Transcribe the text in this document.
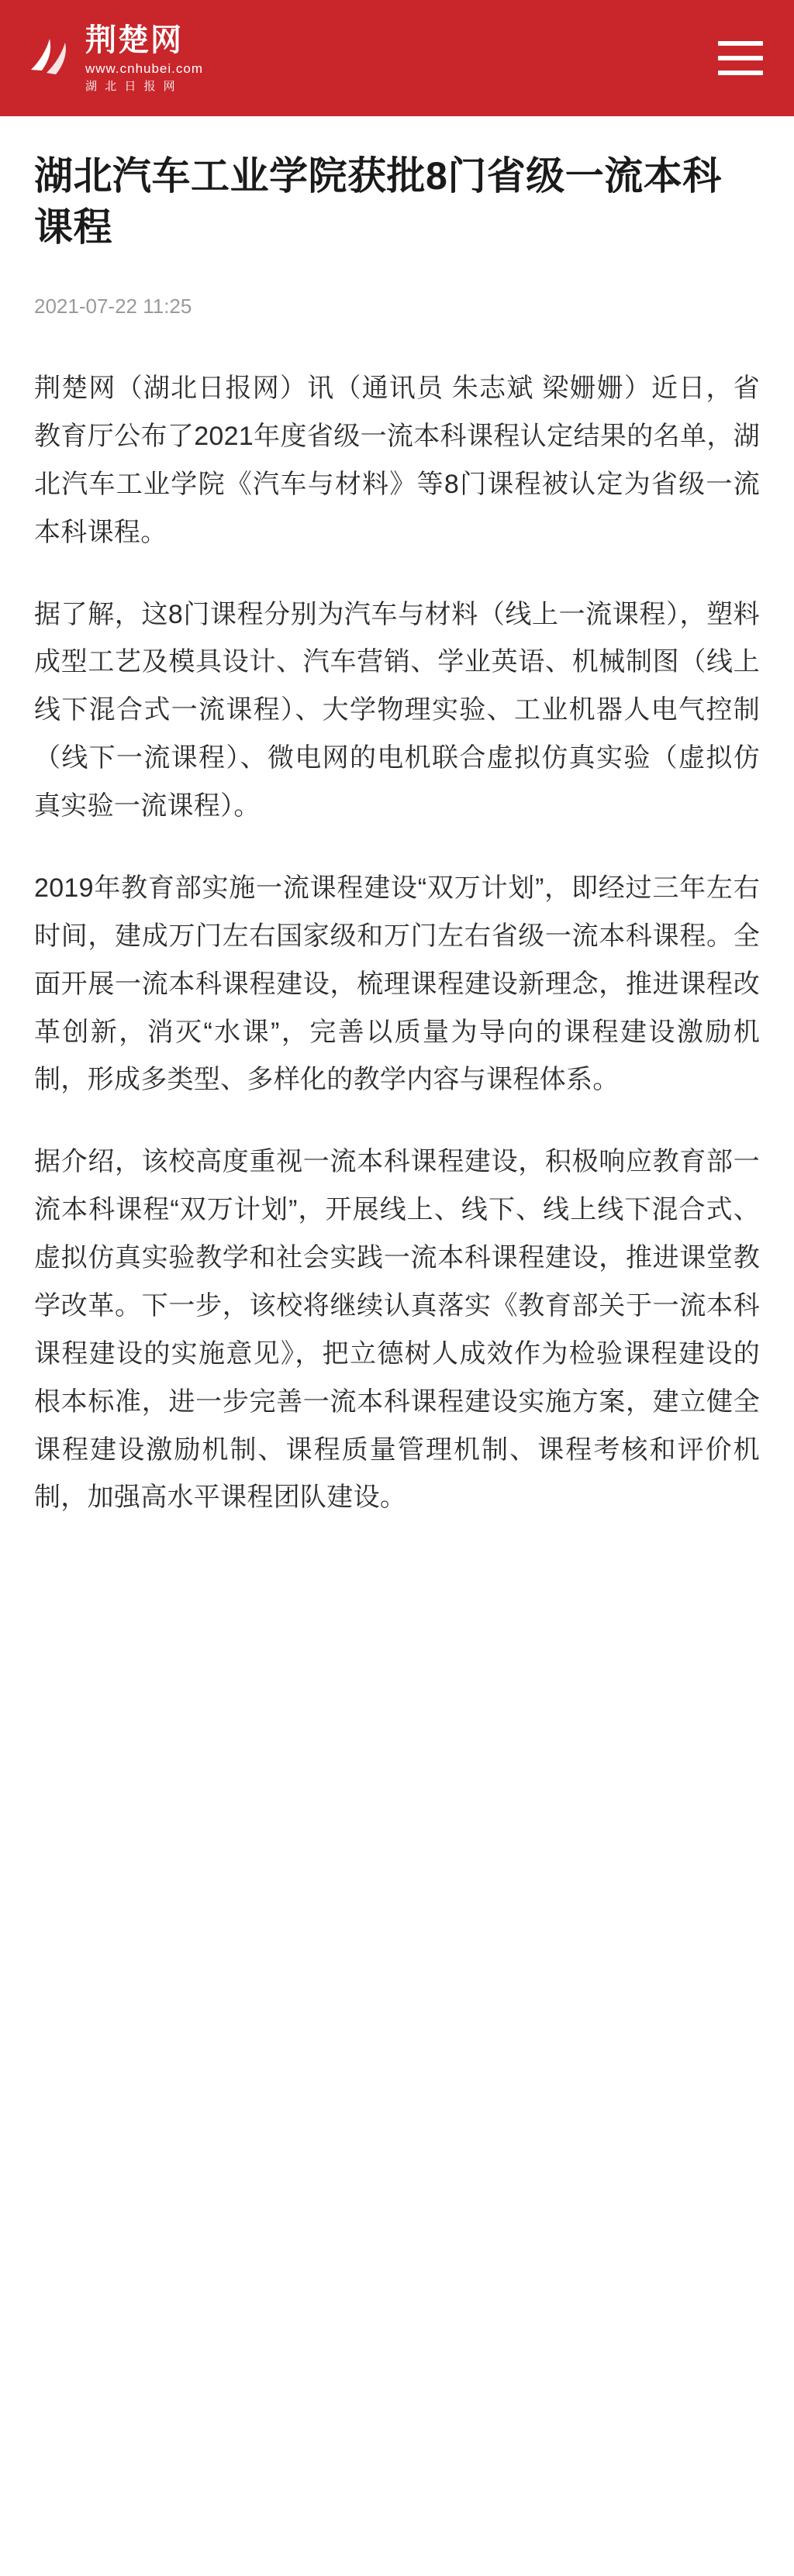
荆楚网
www.cnhubei.com
湖 北 日 报 网
湖北汽车工业学院获批8门省级一流本科课程
2021-07-22 11:25

荆楚网（湖北日报网）讯（通讯员 朱志斌 梁姗姗）近日，省教育厅公布了2021年度省级一流本科课程认定结果的名单，湖北汽车工业学院《汽车与材料》等8门课程被认定为省级一流本科课程。

据了解，这8门课程分别为汽车与材料（线上一流课程），塑料成型工艺及模具设计、汽车营销、学业英语、机械制图（线上线下混合式一流课程）、大学物理实验、工业机器人电气控制（线下一流课程）、微电网的电机联合虚拟仿真实验（虚拟仿真实验一流课程）。

2019年教育部实施一流课程建设“双万计划”，即经过三年左右时间，建成万门左右国家级和万门左右省级一流本科课程。全面开展一流本科课程建设，梳理课程建设新理念，推进课程改革创新，消灭“水课”，完善以质量为导向的课程建设激励机制，形成多类型、多样化的教学内容与课程体系。

据介绍，该校高度重视一流本科课程建设，积极响应教育部一流本科课程“双万计划”，开展线上、线下、线上线下混合式、虚拟仿真实验教学和社会实践一流本科课程建设，推进课堂教学改革。下一步，该校将继续认真落实《教育部关于一流本科课程建设的实施意见》，把立德树人成效作为检验课程建设的根本标准，进一步完善一流本科课程建设实施方案，建立健全课程建设激励机制、课程质量管理机制、课程考核和评价机制，加强高水平课程团队建设。
